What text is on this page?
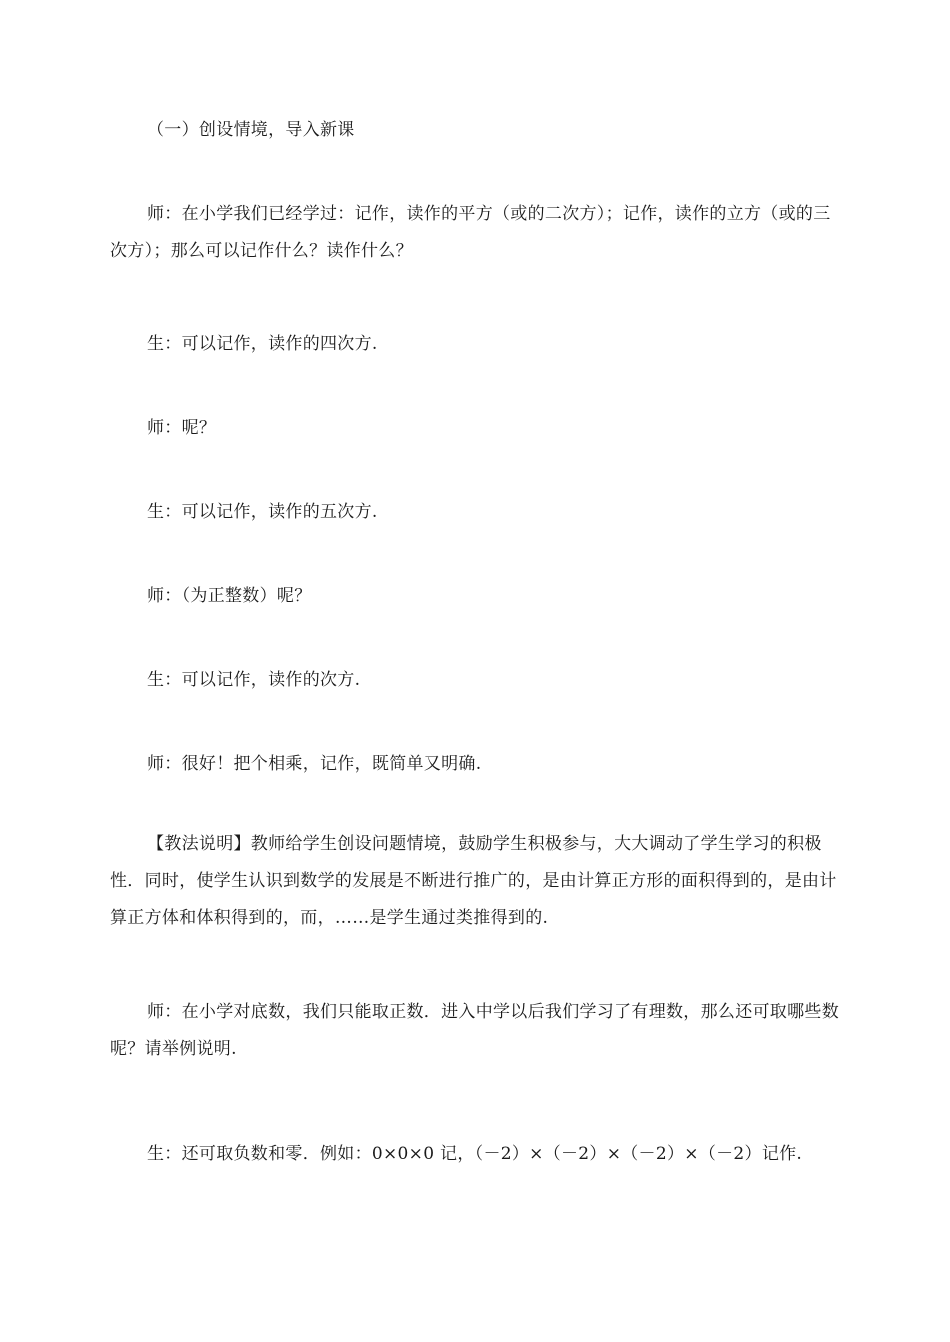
（一）创设情境，导入新课

师：在小学我们已经学过：记作，读作的平方（或的二次方）；记作，读作的立方（或的三次方）；那么可以记作什么？读作什么？

生：可以记作，读作的四次方.

师：呢？

生：可以记作，读作的五次方.

师：（为正整数）呢？

生：可以记作，读作的次方.

师：很好！把个相乘，记作，既简单又明确.

【教法说明】教师给学生创设问题情境，鼓励学生积极参与，大大调动了学生学习的积极性．同时，使学生认识到数学的发展是不断进行推广的，是由计算正方形的面积得到的，是由计算正方体和体积得到的，而，……是学生通过类推得到的.

师：在小学对底数，我们只能取正数．进入中学以后我们学习了有理数，那么还可取哪些数呢？请举例说明.

生：还可取负数和零．例如：0×0×0 记，（－2）×（－2）×（－2）×（－2）记作.
